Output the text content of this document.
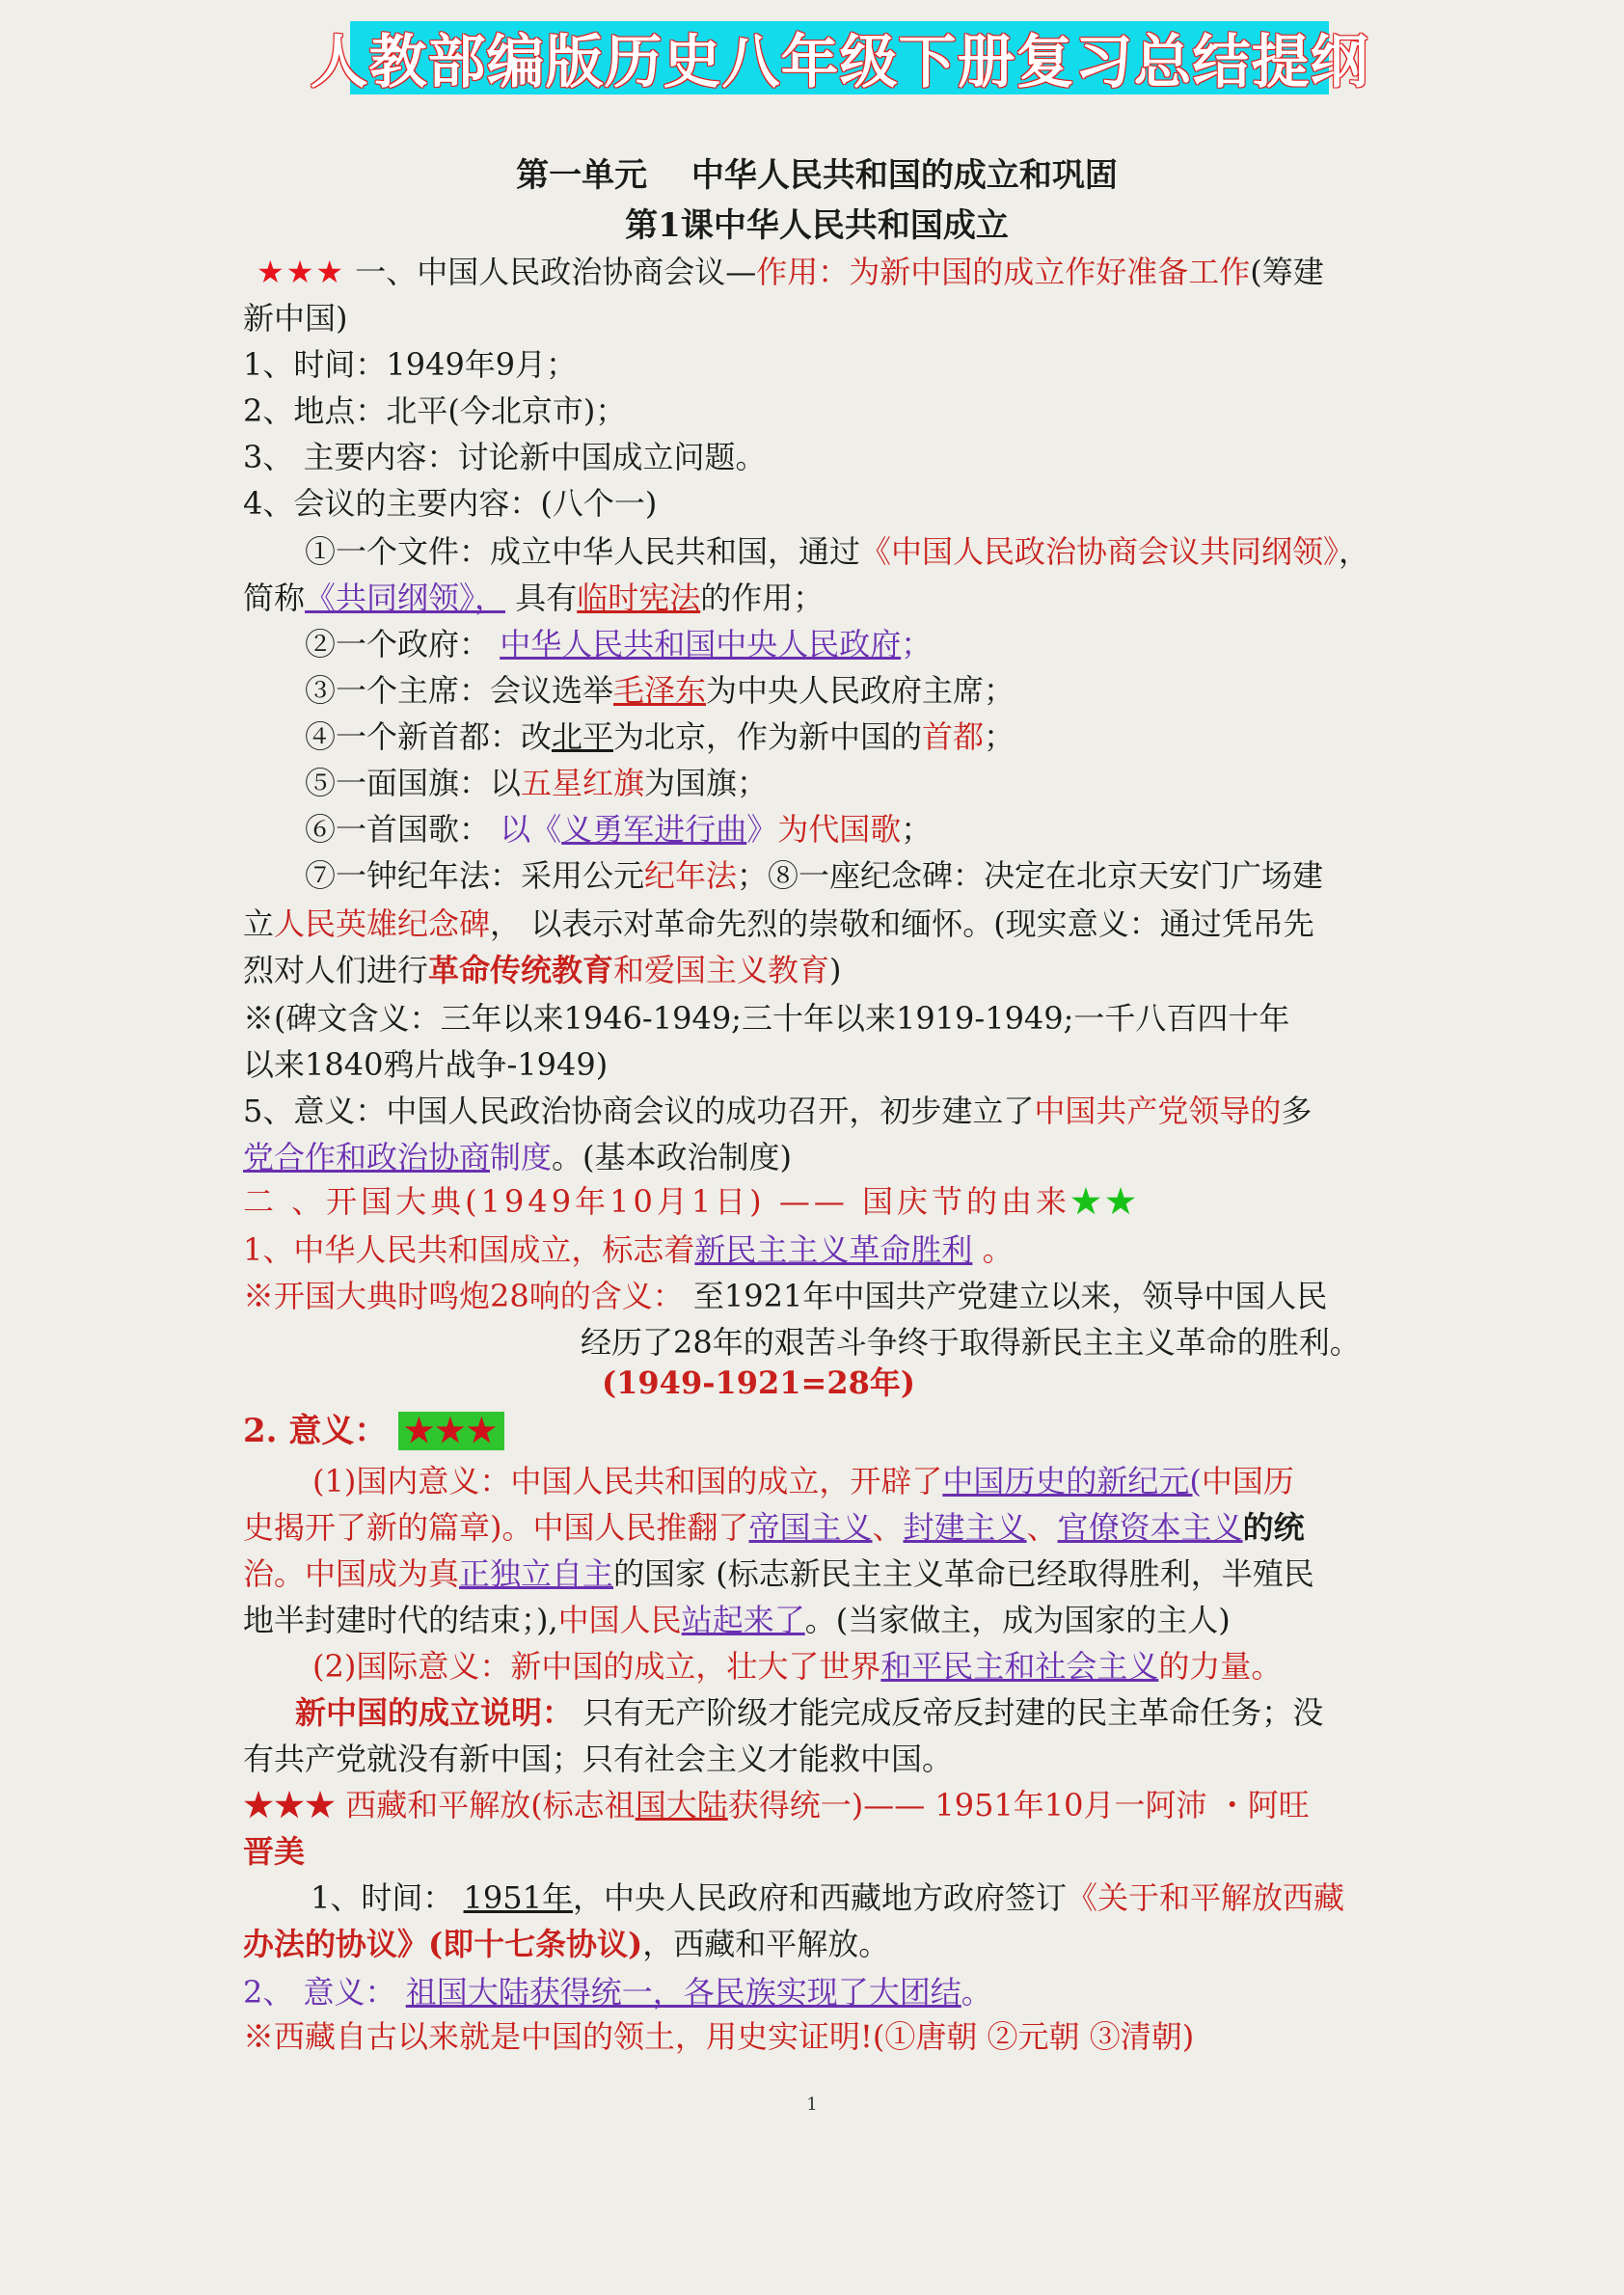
人教部编版历史八年级下册复习总结提纲
第一单元　 中华人民共和国的成立和巩固
第1课中华人民共和国成立
★★★ 一、中国人民政治协商会议—作用：为新中国的成立作好准备工作(筹建
新中国)
1、时间：1949年9月；
2、地点：北平(今北京市)；
3、 主要内容：讨论新中国成立问题。
4、会议的主要内容：(八个一)
①一个文件：成立中华人民共和国，通过《中国人民政治协商会议共同纲领》，
简称《共同纲领》， 具有临时宪法的作用；
②一个政府： 中华人民共和国中央人民政府；
③一个主席：会议选举毛泽东为中央人民政府主席；
④一个新首都：改北平为北京，作为新中国的首都；
⑤一面国旗：以五星红旗为国旗；
⑥一首国歌： 以《义勇军进行曲》为代国歌；
⑦一钟纪年法：采用公元纪年法；⑧一座纪念碑：决定在北京天安门广场建
立人民英雄纪念碑， 以表示对革命先烈的崇敬和缅怀。(现实意义：通过凭吊先
烈对人们进行革命传统教育和爱国主义教育)
※(碑文含义：三年以来1946-1949;三十年以来1919-1949;一千八百四十年
以来1840鸦片战争-1949)
5、意义：中国人民政治协商会议的成功召开，初步建立了中国共产党领导的多
党合作和政治协商制度。(基本政治制度)
二 、开国大典(1949年10月1日) —— 国庆节的由来★★
1、中华人民共和国成立，标志着新民主主义革命胜利 。
※开国大典时鸣炮28响的含义： 至1921年中国共产党建立以来，领导中国人民
经历了28年的艰苦斗争终于取得新民主主义革命的胜利。
(1949-1921=28年)
2. 意义： ★★★
(1)国内意义：中国人民共和国的成立，开辟了中国历史的新纪元(中国历
史揭开了新的篇章)。中国人民推翻了帝国主义、封建主义、官僚资本主义的统
治。中国成为真正独立自主的国家 (标志新民主主义革命已经取得胜利，半殖民
地半封建时代的结束；),中国人民站起来了。(当家做主，成为国家的主人)
(2)国际意义：新中国的成立，壮大了世界和平民主和社会主义的力量。
新中国的成立说明： 只有无产阶级才能完成反帝反封建的民主革命任务；没
有共产党就没有新中国；只有社会主义才能救中国。
★★★ 西藏和平解放(标志祖国大陆获得统一)—— 1951年10月一阿沛 ・阿旺
晋美
1、时间： 1951年，中央人民政府和西藏地方政府签订《关于和平解放西藏
办法的协议》(即十七条协议)，西藏和平解放。
2、 意义： 祖国大陆获得统一，各民族实现了大团结。
※西藏自古以来就是中国的领土，用史实证明!(①唐朝 ②元朝 ③清朝)
1
